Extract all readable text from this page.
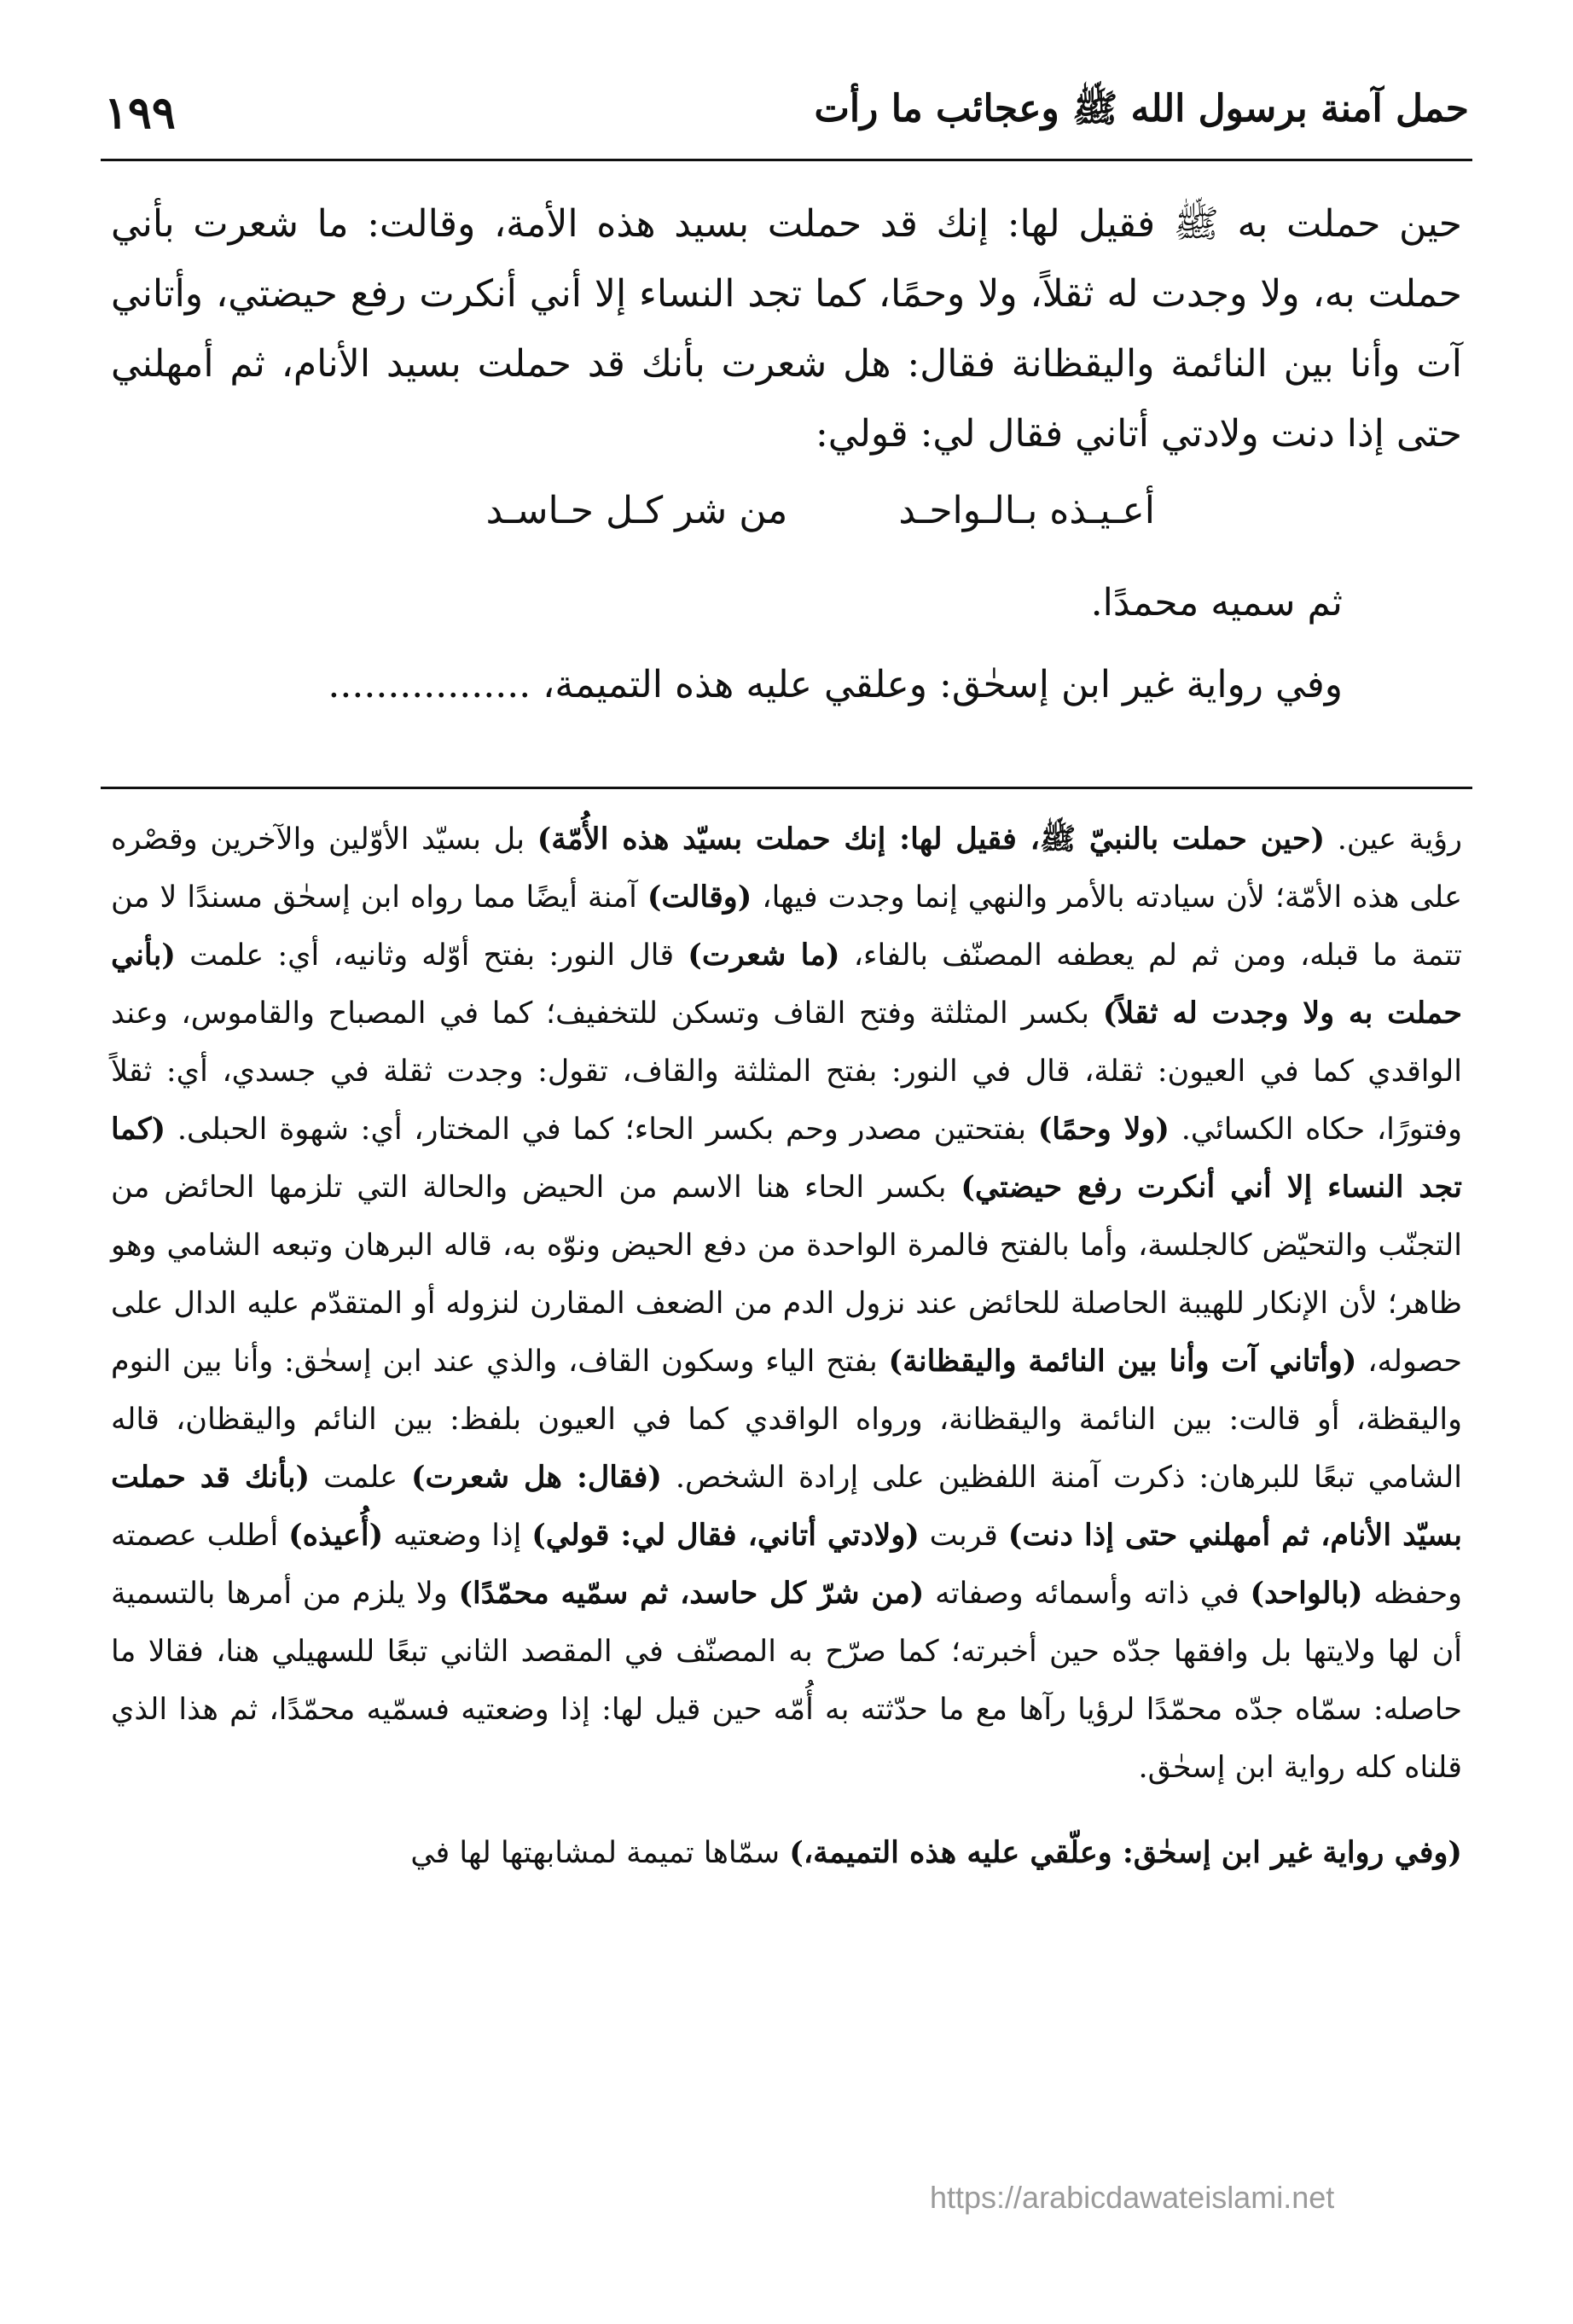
حمل آمنة برسول الله ﷺ وعجائب ما رأت
١٩٩

حين حملت به ﷺ فقيل لها: إنك قد حملت بسيد هذه الأمة، وقالت: ما شعرت بأني حملت به، ولا وجدت له ثقلاً، ولا وحمًا، كما تجد النساء إلا أني أنكرت رفع حيضتي، وأتاني آت وأنا بين النائمة واليقظانة فقال: هل شعرت بأنك قد حملت بسيد الأنام، ثم أمهلني حتى إذا دنت ولادتي أتاني فقال لي: قولي:

أعـيـذه بـالـواحـد
من شر كـل حـاسـد

ثم سميه محمدًا.

وفي رواية غير ابن إسحٰق: وعلقي عليه هذه التميمة، .................

رؤية عين. (حين حملت بالنبيّ ﷺ، فقيل لها: إنك حملت بسيّد هذه الأُمّة) بل بسيّد الأوّلين والآخرين وقصْره على هذه الأمّة؛ لأن سيادته بالأمر والنهي إنما وجدت فيها، (وقالت) آمنة أيضًا مما رواه ابن إسحٰق مسندًا لا من تتمة ما قبله، ومن ثم لم يعطفه المصنّف بالفاء، (ما شعرت) قال النور: بفتح أوّله وثانيه، أي: علمت (بأني حملت به ولا وجدت له ثقلاً) بكسر المثلثة وفتح القاف وتسكن للتخفيف؛ كما في المصباح والقاموس، وعند الواقدي كما في العيون: ثقلة، قال في النور: بفتح المثلثة والقاف، تقول: وجدت ثقلة في جسدي، أي: ثقلاً وفتورًا، حكاه الكسائي. (ولا وحمًا) بفتحتين مصدر وحم بكسر الحاء؛ كما في المختار، أي: شهوة الحبلى. (كما تجد النساء إلا أني أنكرت رفع حيضتي) بكسر الحاء هنا الاسم من الحيض والحالة التي تلزمها الحائض من التجنّب والتحيّض كالجلسة، وأما بالفتح فالمرة الواحدة من دفع الحيض ونوّه به، قاله البرهان وتبعه الشامي وهو ظاهر؛ لأن الإنكار للهيبة الحاصلة للحائض عند نزول الدم من الضعف المقارن لنزوله أو المتقدّم عليه الدال على حصوله، (وأتاني آت وأنا بين النائمة واليقظانة) بفتح الياء وسكون القاف، والذي عند ابن إسحٰق: وأنا بين النوم واليقظة، أو قالت: بين النائمة واليقظانة، ورواه الواقدي كما في العيون بلفظ: بين النائم واليقظان، قاله الشامي تبعًا للبرهان: ذكرت آمنة اللفظين على إرادة الشخص. (فقال: هل شعرت) علمت (بأنك قد حملت بسيّد الأنام، ثم أمهلني حتى إذا دنت) قربت (ولادتي أتاني، فقال لي: قولي) إذا وضعتيه (أُعيذه) أطلب عصمته وحفظه (بالواحد) في ذاته وأسمائه وصفاته (من شرّ كل حاسد، ثم سمّيه محمّدًا) ولا يلزم من أمرها بالتسمية أن لها ولايتها بل وافقها جدّه حين أخبرته؛ كما صرّح به المصنّف في المقصد الثاني تبعًا للسهيلي هنا، فقالا ما حاصله: سمّاه جدّه محمّدًا لرؤيا رآها مع ما حدّثته به أُمّه حين قيل لها: إذا وضعتيه فسمّيه محمّدًا، ثم هذا الذي قلناه كله رواية ابن إسحٰق.

(وفي رواية غير ابن إسحٰق: وعلّقي عليه هذه التميمة،) سمّاها تميمة لمشابهتها لها في

https://arabicdawateislami.net
